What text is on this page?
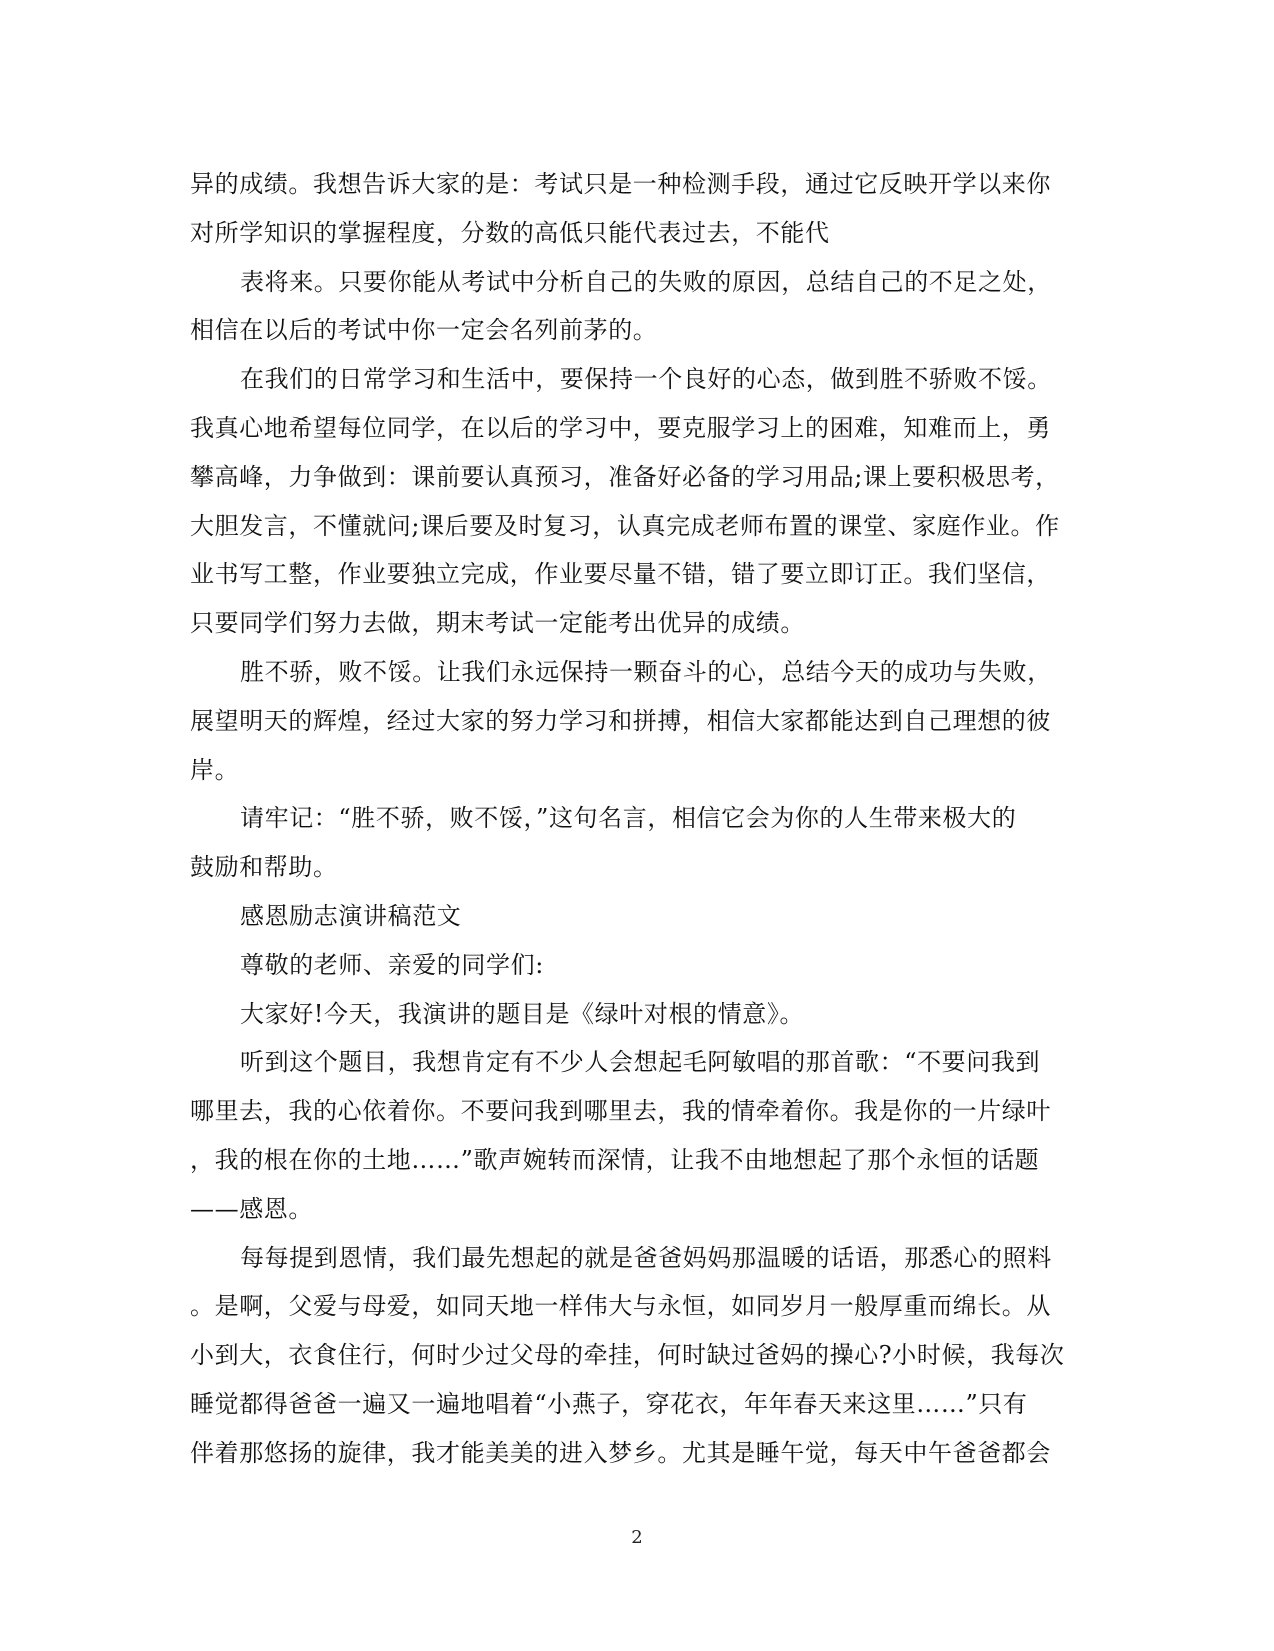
异的成绩。我想告诉大家的是：考试只是一种检测手段，通过它反映开学以来你
对所学知识的掌握程度，分数的高低只能代表过去，不能代
表将来。只要你能从考试中分析自己的失败的原因，总结自己的不足之处，
相信在以后的考试中你一定会名列前茅的。
在我们的日常学习和生活中，要保持一个良好的心态，做到胜不骄败不馁。
我真心地希望每位同学，在以后的学习中，要克服学习上的困难，知难而上，勇
攀高峰，力争做到：课前要认真预习，准备好必备的学习用品;课上要积极思考，
大胆发言，不懂就问;课后要及时复习，认真完成老师布置的课堂、家庭作业。作
业书写工整，作业要独立完成，作业要尽量不错，错了要立即订正。我们坚信，
只要同学们努力去做，期末考试一定能考出优异的成绩。
胜不骄，败不馁。让我们永远保持一颗奋斗的心，总结今天的成功与失败，
展望明天的辉煌，经过大家的努力学习和拼搏，相信大家都能达到自己理想的彼
岸。
请牢记：“胜不骄，败不馁，”这句名言，相信它会为你的人生带来极大的
鼓励和帮助。
感恩励志演讲稿范文
尊敬的老师、亲爱的同学们:
大家好!今天，我演讲的题目是《绿叶对根的情意》。
听到这个题目，我想肯定有不少人会想起毛阿敏唱的那首歌：“不要问我到
哪里去，我的心依着你。不要问我到哪里去，我的情牵着你。我是你的一片绿叶
，我的根在你的土地……”歌声婉转而深情，让我不由地想起了那个永恒的话题
——感恩。
每每提到恩情，我们最先想起的就是爸爸妈妈那温暖的话语，那悉心的照料
。是啊，父爱与母爱，如同天地一样伟大与永恒，如同岁月一般厚重而绵长。从
小到大，衣食住行，何时少过父母的牵挂，何时缺过爸妈的操心?小时候，我每次
睡觉都得爸爸一遍又一遍地唱着“小燕子，穿花衣，年年春天来这里……”只有
伴着那悠扬的旋律，我才能美美的进入梦乡。尤其是睡午觉，每天中午爸爸都会
2
